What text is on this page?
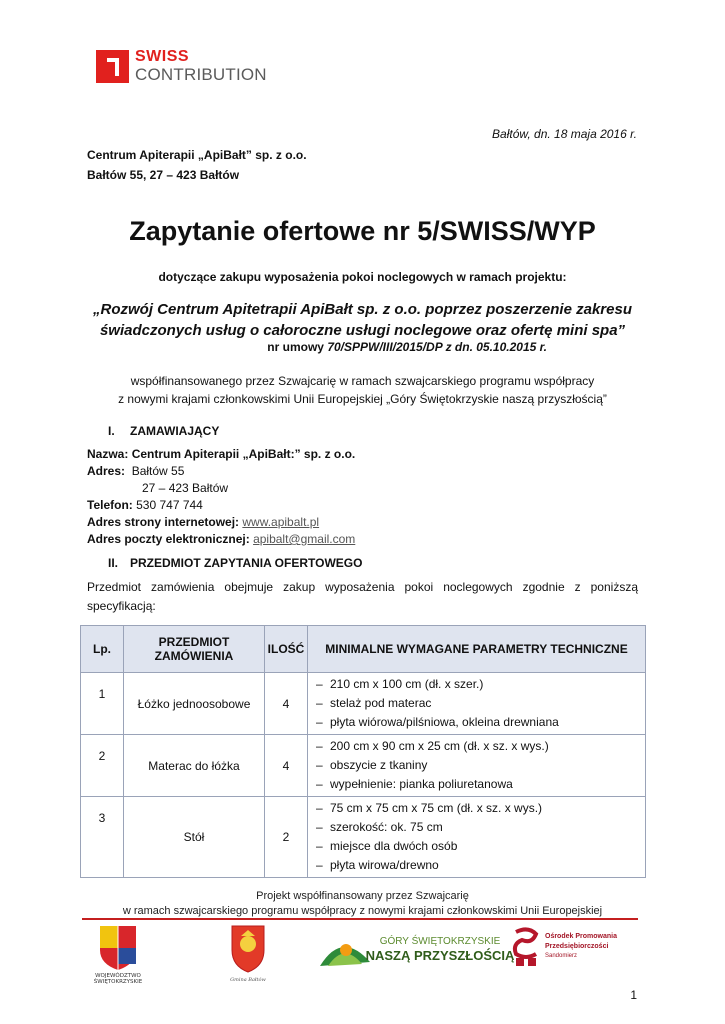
SWISS
CONTRIBUTION
Bałtów, dn. 18 maja 2016 r.
Centrum Apiterapii „ApiBałt” sp. z o.o.
Bałtów 55, 27 – 423 Bałtów
Zapytanie ofertowe nr 5/SWISS/WYP
dotyczące zakupu wyposażenia pokoi noclegowych w ramach projektu:
„Rozwój Centrum Apitetrapii ApiBałt sp. z o.o. poprzez poszerzenie zakresu
świadczonych usług o całoroczne usługi noclegowe oraz ofertę mini spa”
nr umowy 70/SPPW/III/2015/DP z dn. 05.10.2015 r.
współfinansowanego przez Szwajcarię w ramach szwajcarskiego programu współpracy
z nowymi krajami członkowskimi Unii Europejskiej „Góry Świętokrzyskie naszą przyszłością”
I. ZAMAWIAJĄCY
Nazwa: Centrum Apiterapii „ApiBałt:” sp. z o.o.
Adres: Bałtów 55
27 – 423 Bałtów
Telefon: 530 747 744
Adres strony internetowej: www.apibalt.pl
Adres poczty elektronicznej: apibalt@gmail.com
II. PRZEDMIOT ZAPYTANIA OFERTOWEGO
Przedmiot zamówienia obejmuje zakup wyposażenia pokoi noclegowych zgodnie z poniższą specyfikacją:
Lp.	PRZEDMIOT
ZAMÓWIENIA	ILOŚĆ	MINIMALNE WYMAGANE PARAMETRY TECHNICZNE
1	Łóżko jednoosobowe	4	– 210 cm x 100 cm (dł. x szer.)
– stelaż pod materac
– płyta wiórowa/pilśniowa, okleina drewniana

2	Materac do łóżka	4	– 200 cm x 90 cm x 25 cm (dł. x sz. x wys.)
– obszycie z tkaniny
– wypełnienie: pianka poliuretanowa

3	Stół	2	– 75 cm x 75 cm x 75 cm (dł. x sz. x wys.)
– szerokość: ok. 75 cm
– miejsce dla dwóch osób
– płyta wirowa/drewno
Projekt współfinansowany przez Szwajcarię
w ramach szwajcarskiego programu współpracy z nowymi krajami członkowskimi Unii Europejskiej
WOJEWÓDZTWO
ŚWIĘTOKRZYSKIE	Gmina Bałtów
GÓRY ŚWIĘTOKRZYSKIE
NASZĄ PRZYSZŁOŚCIĄ
Ośrodek Promowania
Przedsiębiorczości
Sandomierz
1
